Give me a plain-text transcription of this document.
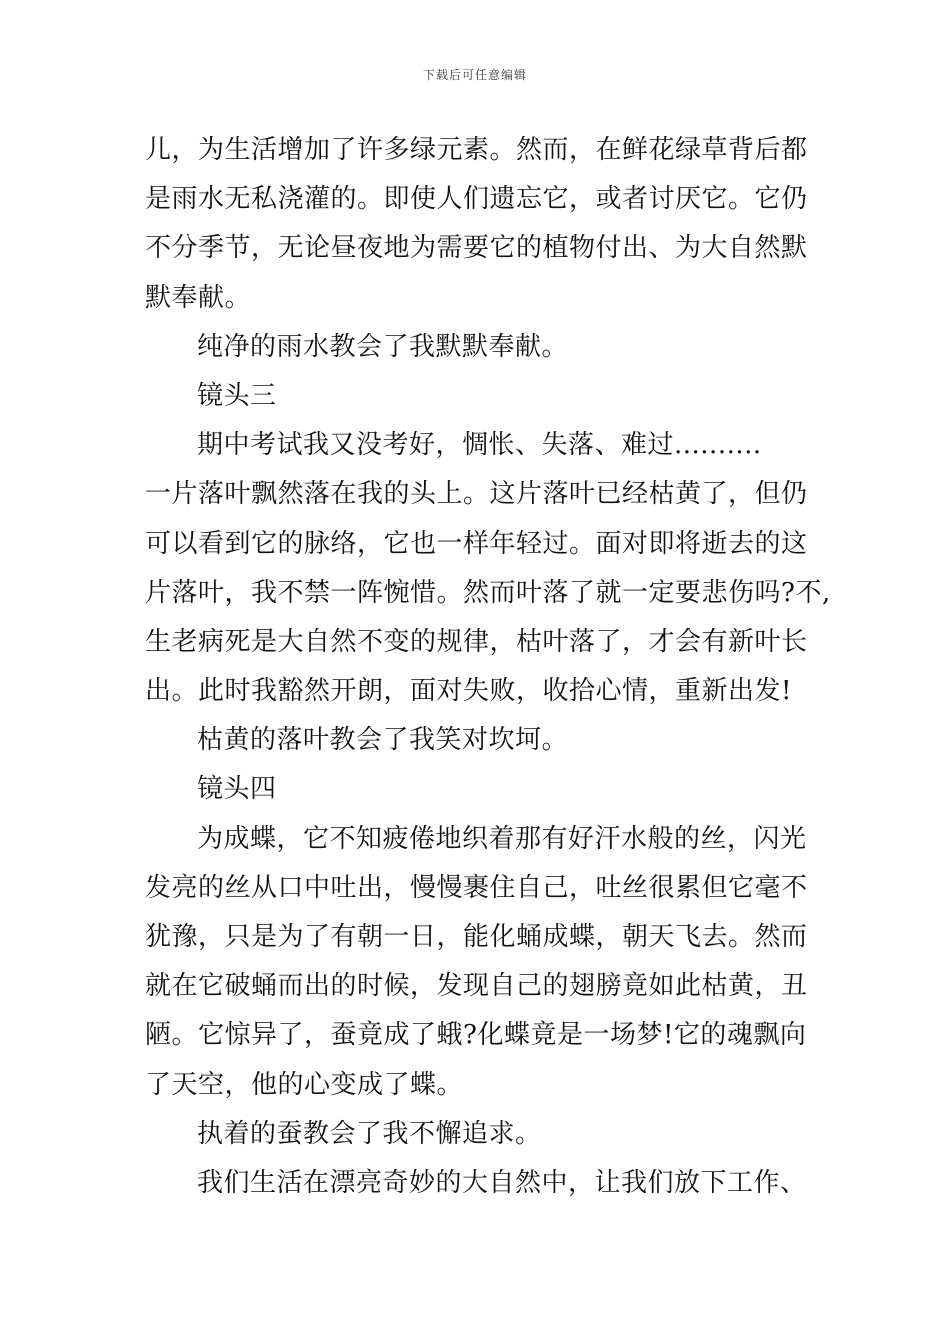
下载后可任意编辑
儿，为生活增加了许多绿元素。然而，在鲜花绿草背后都
是雨水无私浇灌的。即使人们遗忘它，或者讨厌它。它仍
不分季节，无论昼夜地为需要它的植物付出、为大自然默
默奉献。
纯净的雨水教会了我默默奉献。
镜头三
期中考试我又没考好，惆怅、失落、难过..........
一片落叶飘然落在我的头上。这片落叶已经枯黄了，但仍
可以看到它的脉络，它也一样年轻过。面对即将逝去的这
片落叶，我不禁一阵惋惜。然而叶落了就一定要悲伤吗?不,
生老病死是大自然不变的规律，枯叶落了，才会有新叶长
出。此时我豁然开朗，面对失败，收拾心情，重新出发!
枯黄的落叶教会了我笑对坎坷。
镜头四
为成蝶，它不知疲倦地织着那有好汗水般的丝，闪光
发亮的丝从口中吐出，慢慢裹住自己，吐丝很累但它毫不
犹豫，只是为了有朝一日，能化蛹成蝶，朝天飞去。然而
就在它破蛹而出的时候，发现自己的翅膀竟如此枯黄，丑
陋。它惊异了，蚕竟成了蛾?化蝶竟是一场梦!它的魂飘向
了天空，他的心变成了蝶。
执着的蚕教会了我不懈追求。
我们生活在漂亮奇妙的大自然中，让我们放下工作、
